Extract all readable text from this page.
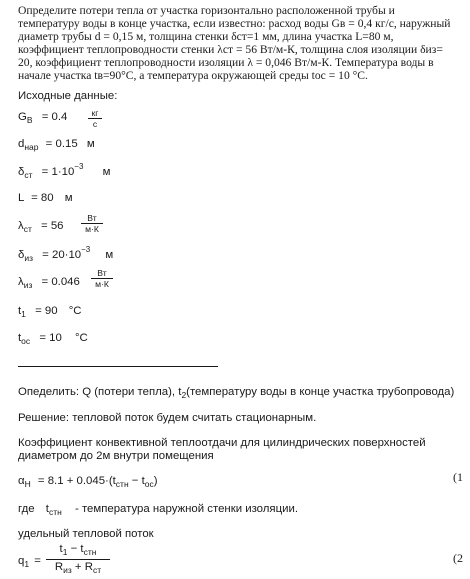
Определите потери тепла от участка горизонтально расположенной трубы и
температуру воды в конце участка, если известно: расход воды Gв = 0,4 кг/с, наружный
диаметр трубы d = 0,15 м, толщина стенки δст=1 мм, длина участка L=80 м,
коэффициент теплопроводности стенки λст = 56 Вт/м-К, толщина слоя изоляции δиз=
20, коэффициент теплопроводности изоляции λ = 0,046 Вт/м-К. Температура воды в
начале участка tв=90°С, а температура окружающей среды toc = 10 °С.
Исходные данные:
$G_В = 0.4$	кг
с
$d_{нар} = 0.15$ м
$\delta_{ст} = 1\cdot 10^{-3}$ м
L = 80 м
$\lambda_{ст} = 56$
Вт
м·К
$\delta_{из} = 20\cdot 10^{-3}$ м
$\lambda_{из} = 0.046$
Вт
м·К
$t_1 = 90$ °C
$t_{ос} = 10$ °C
Опеделить: Q (потери тепла), $t_2(температуру$ воды в конце участка трубопровода)
Решение: тепловой поток будем считать стационарным.
Коэффициент конвективной теплоотдачи для цилиндрических поверхностей
диаметром до 2м внутри помещения
$\alpha_Н = 8.1 + 0.045\cdot(t_{стн} - t_{ос})$	(1
где $t_{стн}$ - температура наружной стенки изоляции.
удельный тепловой поток
$q_1$ =
$t_1 - t_{стн}$
$R_{из} + R_{ст}$
(2
